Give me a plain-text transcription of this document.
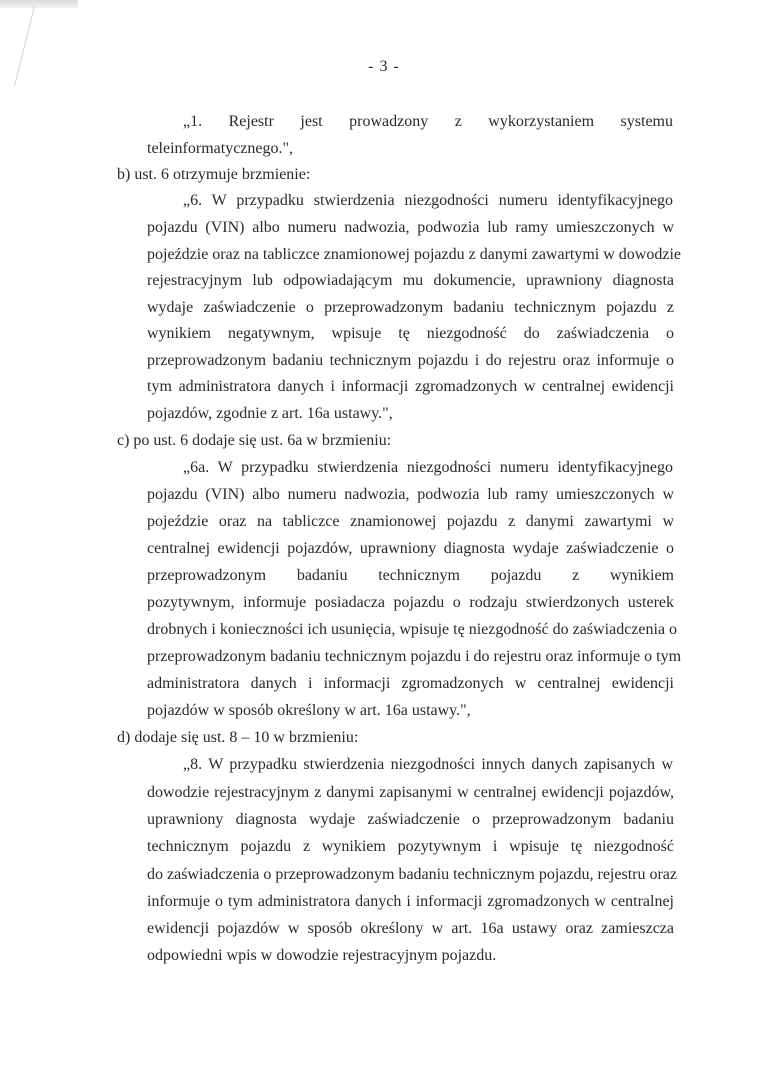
- 3 -
„1. Rejestr jest prowadzony z wykorzystaniem systemu
teleinformatycznego.",
b) ust. 6 otrzymuje brzmienie:
„6. W przypadku stwierdzenia niezgodności numeru identyfikacyjnego
pojazdu (VIN) albo numeru nadwozia, podwozia lub ramy umieszczonych w
pojeździe oraz na tabliczce znamionowej pojazdu z danymi zawartymi w dowodzie
rejestracyjnym lub odpowiadającym mu dokumencie, uprawniony diagnosta
wydaje zaświadczenie o przeprowadzonym badaniu technicznym pojazdu z
wynikiem negatywnym, wpisuje tę niezgodność do zaświadczenia o
przeprowadzonym badaniu technicznym pojazdu i do rejestru oraz informuje o
tym administratora danych i informacji zgromadzonych w centralnej ewidencji
pojazdów, zgodnie z art. 16a ustawy.",
c) po ust. 6 dodaje się ust. 6a w brzmieniu:
„6a. W przypadku stwierdzenia niezgodności numeru identyfikacyjnego
pojazdu (VIN) albo numeru nadwozia, podwozia lub ramy umieszczonych w
pojeździe oraz na tabliczce znamionowej pojazdu z danymi zawartymi w
centralnej ewidencji pojazdów, uprawniony diagnosta wydaje zaświadczenie o
przeprowadzonym badaniu technicznym pojazdu z wynikiem
pozytywnym, informuje posiadacza pojazdu o rodzaju stwierdzonych usterek
drobnych i konieczności ich usunięcia, wpisuje tę niezgodność do zaświadczenia o
przeprowadzonym badaniu technicznym pojazdu i do rejestru oraz informuje o tym
administratora danych i informacji zgromadzonych w centralnej ewidencji
pojazdów w sposób określony w art. 16a ustawy.",
d) dodaje się ust. 8 – 10 w brzmieniu:
„8. W przypadku stwierdzenia niezgodności innych danych zapisanych w
dowodzie rejestracyjnym z danymi zapisanymi w centralnej ewidencji pojazdów,
uprawniony diagnosta wydaje zaświadczenie o przeprowadzonym badaniu
technicznym pojazdu z wynikiem pozytywnym i wpisuje tę niezgodność
do zaświadczenia o przeprowadzonym badaniu technicznym pojazdu, rejestru oraz
informuje o tym administratora danych i informacji zgromadzonych w centralnej
ewidencji pojazdów w sposób określony w art. 16a ustawy oraz zamieszcza
odpowiedni wpis w dowodzie rejestracyjnym pojazdu.
